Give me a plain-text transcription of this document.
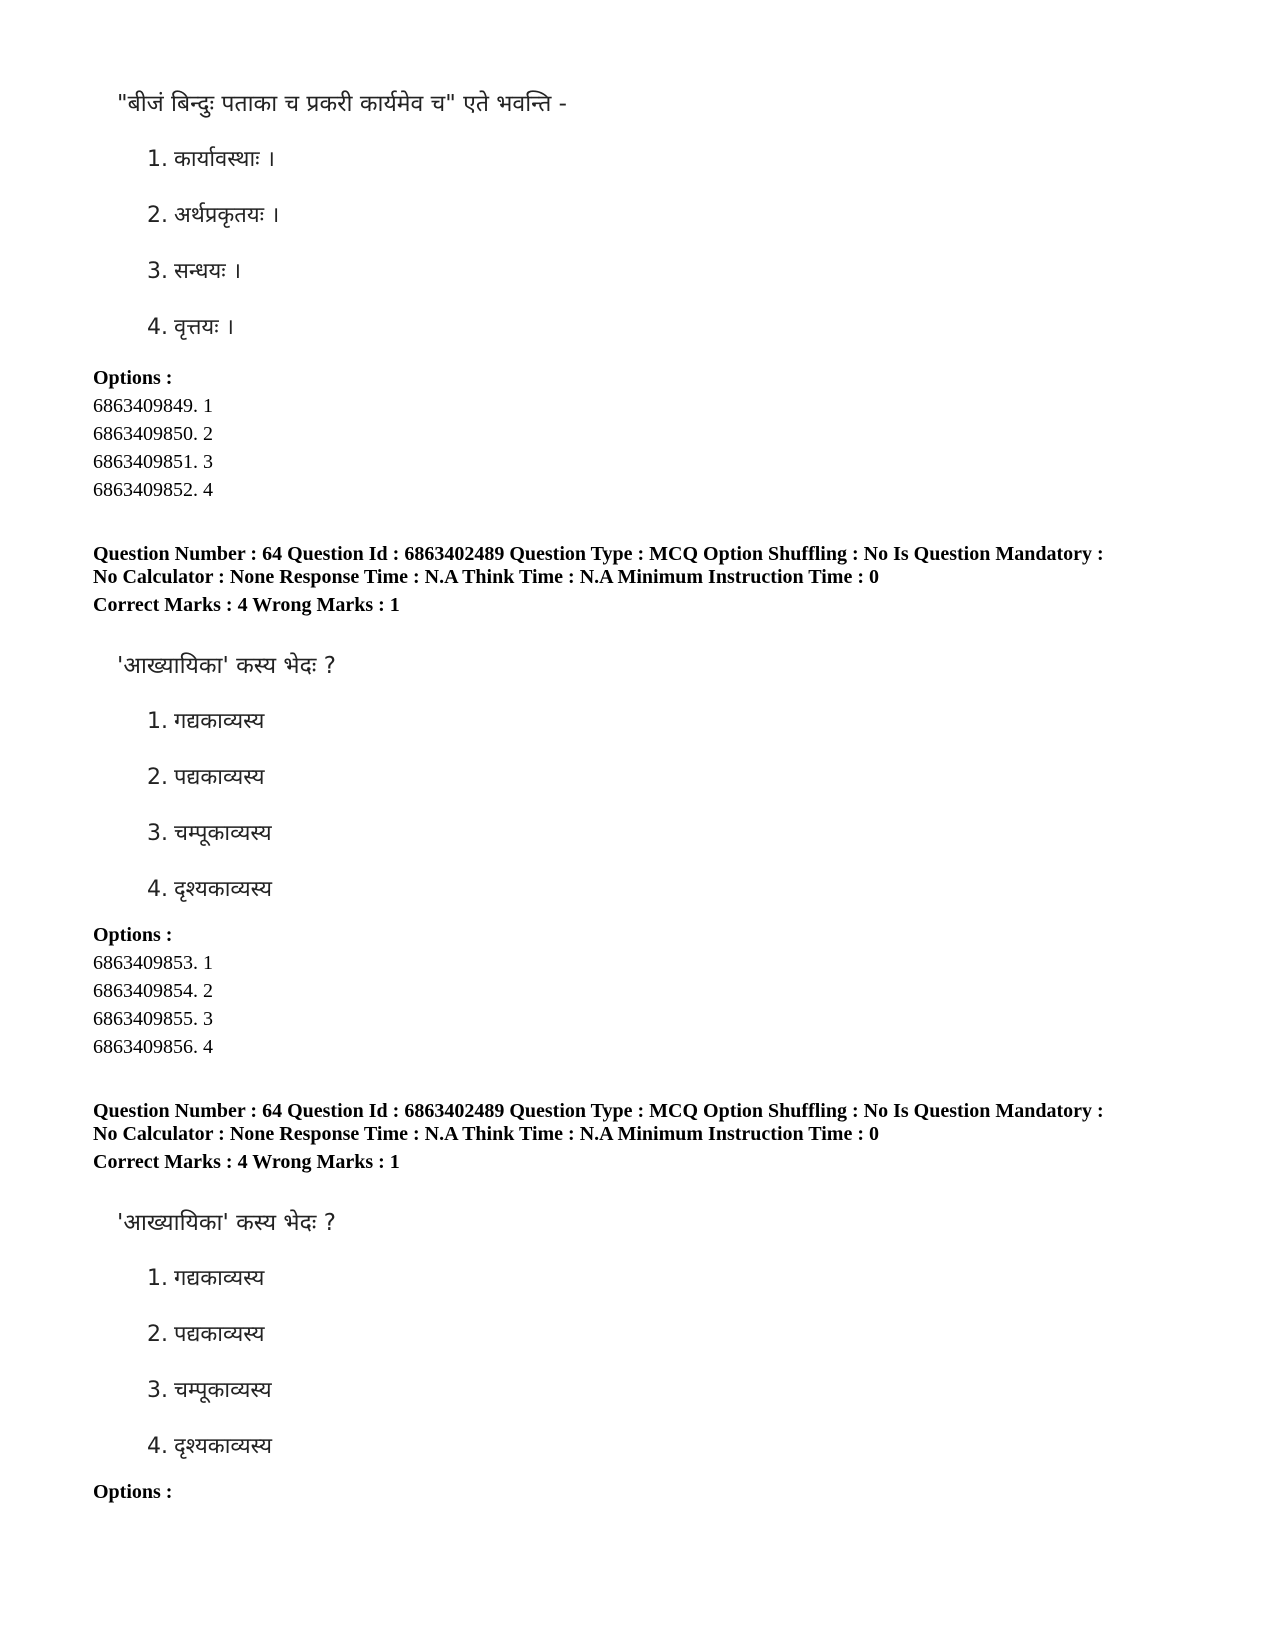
"बीजं बिन्दुः पताका च प्रकरी कार्यमेव च" एते भवन्ति -
1. कार्यावस्थाः ।
2. अर्थप्रकृतयः ।
3. सन्धयः ।
4. वृत्तयः ।
Options :
6863409849. 1
6863409850. 2
6863409851. 3
6863409852. 4
Question Number : 64 Question Id : 6863402489 Question Type : MCQ Option Shuffling : No Is Question Mandatory :
No Calculator : None Response Time : N.A Think Time : N.A Minimum Instruction Time : 0
Correct Marks : 4 Wrong Marks : 1
'आख्यायिका' कस्य भेदः ?
1. गद्यकाव्यस्य
2. पद्यकाव्यस्य
3. चम्पूकाव्यस्य
4. दृश्यकाव्यस्य
Options :
6863409853. 1
6863409854. 2
6863409855. 3
6863409856. 4
Question Number : 64 Question Id : 6863402489 Question Type : MCQ Option Shuffling : No Is Question Mandatory :
No Calculator : None Response Time : N.A Think Time : N.A Minimum Instruction Time : 0
Correct Marks : 4 Wrong Marks : 1
'आख्यायिका' कस्य भेदः ?
1. गद्यकाव्यस्य
2. पद्यकाव्यस्य
3. चम्पूकाव्यस्य
4. दृश्यकाव्यस्य
Options :
